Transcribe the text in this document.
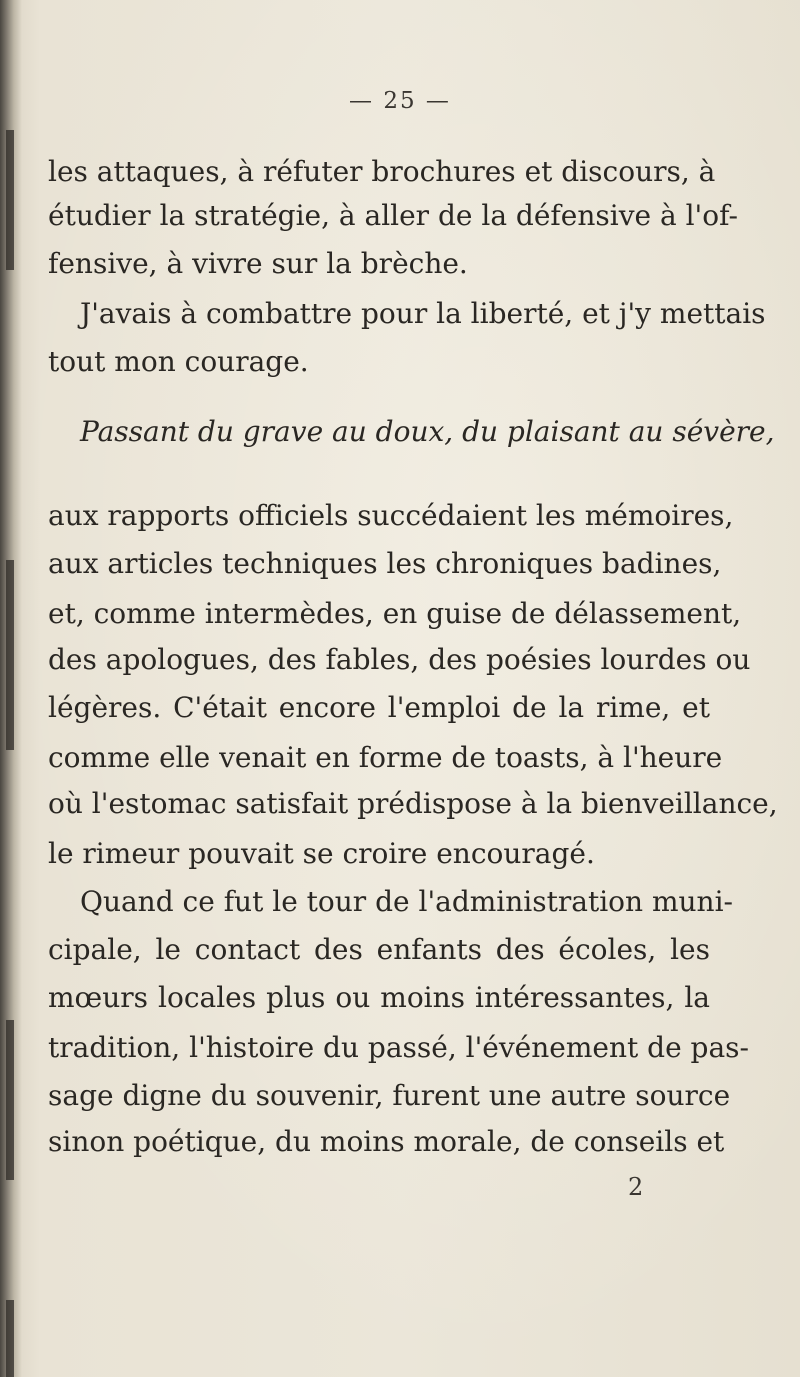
— 25 —
les attaques, à réfuter brochures et discours, à
étudier la stratégie, à aller de la défensive à l'of-
fensive, à vivre sur la brèche.
J'avais à combattre pour la liberté, et j'y mettais
tout mon courage.
Passant du grave au doux, du plaisant au sévère,
aux rapports officiels succédaient les mémoires,
aux articles techniques les chroniques badines,
et, comme intermèdes, en guise de délassement,
des apologues, des fables, des poésies lourdes ou
légères. C'était encore l'emploi de la rime, et
comme elle venait en forme de toasts, à l'heure
où l'estomac satisfait prédispose à la bienveillance,
le rimeur pouvait se croire encouragé.
Quand ce fut le tour de l'administration muni-
cipale, le contact des enfants des écoles, les
mœurs locales plus ou moins intéressantes, la
tradition, l'histoire du passé, l'événement de pas-
sage digne du souvenir, furent une autre source
sinon poétique, du moins morale, de conseils et
2
